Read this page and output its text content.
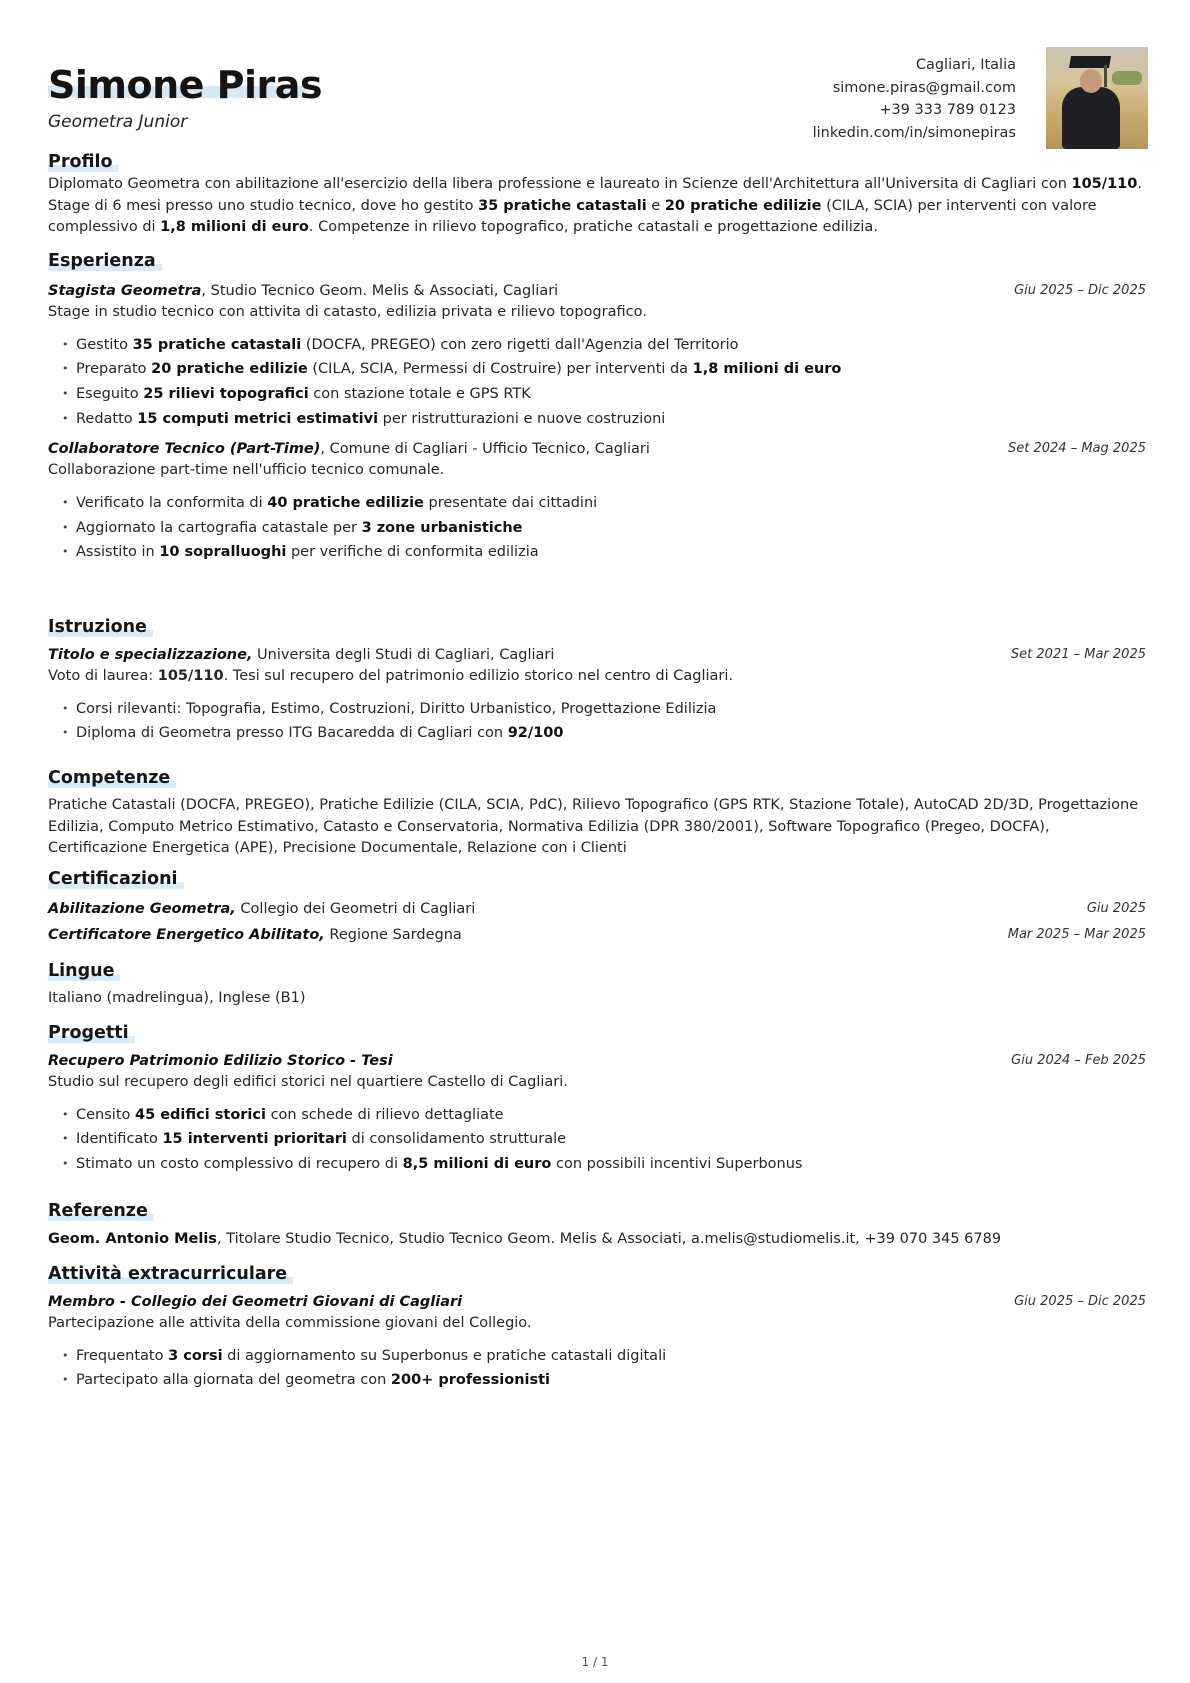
Simone Piras
Geometra Junior
Cagliari, Italia
simone.piras@gmail.com
+39 333 789 0123
linkedin.com/in/simonepiras
Profilo
Diplomato Geometra con abilitazione all'esercizio della libera professione e laureato in Scienze dell'Architettura all'Universita di Cagliari con 105/110. Stage di 6 mesi presso uno studio tecnico, dove ho gestito 35 pratiche catastali e 20 pratiche edilizie (CILA, SCIA) per interventi con valore complessivo di 1,8 milioni di euro. Competenze in rilievo topografico, pratiche catastali e progettazione edilizia.
Esperienza
Stagista Geometra, Studio Tecnico Geom. Melis & Associati, Cagliari	Giu 2025 – Dic 2025
Stage in studio tecnico con attivita di catasto, edilizia privata e rilievo topografico.
• Gestito 35 pratiche catastali (DOCFA, PREGEO) con zero rigetti dall'Agenzia del Territorio
• Preparato 20 pratiche edilizie (CILA, SCIA, Permessi di Costruire) per interventi da 1,8 milioni di euro
• Eseguito 25 rilievi topografici con stazione totale e GPS RTK
• Redatto 15 computi metrici estimativi per ristrutturazioni e nuove costruzioni
Collaboratore Tecnico (Part-Time), Comune di Cagliari - Ufficio Tecnico, Cagliari	Set 2024 – Mag 2025
Collaborazione part-time nell'ufficio tecnico comunale.
• Verificato la conformita di 40 pratiche edilizie presentate dai cittadini
• Aggiornato la cartografia catastale per 3 zone urbanistiche
• Assistito in 10 sopralluoghi per verifiche di conformita edilizia
Istruzione
Titolo e specializzazione, Universita degli Studi di Cagliari, Cagliari	Set 2021 – Mar 2025
Voto di laurea: 105/110. Tesi sul recupero del patrimonio edilizio storico nel centro di Cagliari.
• Corsi rilevanti: Topografia, Estimo, Costruzioni, Diritto Urbanistico, Progettazione Edilizia
• Diploma di Geometra presso ITG Bacaredda di Cagliari con 92/100
Competenze
Pratiche Catastali (DOCFA, PREGEO), Pratiche Edilizie (CILA, SCIA, PdC), Rilievo Topografico (GPS RTK, Stazione Totale), AutoCAD 2D/3D, Progettazione Edilizia, Computo Metrico Estimativo, Catasto e Conservatoria, Normativa Edilizia (DPR 380/2001), Software Topografico (Pregeo, DOCFA), Certificazione Energetica (APE), Precisione Documentale, Relazione con i Clienti
Certificazioni
Abilitazione Geometra, Collegio dei Geometri di Cagliari	Giu 2025
Certificatore Energetico Abilitato, Regione Sardegna	Mar 2025 – Mar 2025
Lingue
Italiano (madrelingua), Inglese (B1)
Progetti
Recupero Patrimonio Edilizio Storico - Tesi	Giu 2024 – Feb 2025
Studio sul recupero degli edifici storici nel quartiere Castello di Cagliari.
• Censito 45 edifici storici con schede di rilievo dettagliate
• Identificato 15 interventi prioritari di consolidamento strutturale
• Stimato un costo complessivo di recupero di 8,5 milioni di euro con possibili incentivi Superbonus
Referenze
Geom. Antonio Melis, Titolare Studio Tecnico, Studio Tecnico Geom. Melis & Associati, a.melis@studiomelis.it, +39 070 345 6789
Attività extracurriculare
Membro - Collegio dei Geometri Giovani di Cagliari	Giu 2025 – Dic 2025
Partecipazione alle attivita della commissione giovani del Collegio.
• Frequentato 3 corsi di aggiornamento su Superbonus e pratiche catastali digitali
• Partecipato alla giornata del geometra con 200+ professionisti
1 / 1
